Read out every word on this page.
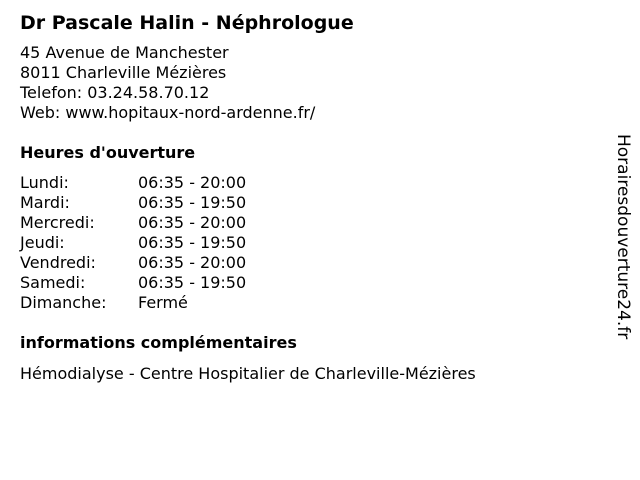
Dr Pascale Halin - Néphrologue
45 Avenue de Manchester
8011 Charleville Mézières
Telefon: 03.24.58.70.12
Web: www.hopitaux-nord-ardenne.fr/
Heures d'ouverture
Lundi:	06:35 - 20:00
Mardi:	06:35 - 19:50
Mercredi:	06:35 - 20:00
Jeudi:	06:35 - 19:50
Vendredi:	06:35 - 20:00
Samedi:	06:35 - 19:50
Dimanche:	Fermé
informations complémentaires
Hémodialyse - Centre Hospitalier de Charleville-Mézières
Horairesdouverture24.fr
